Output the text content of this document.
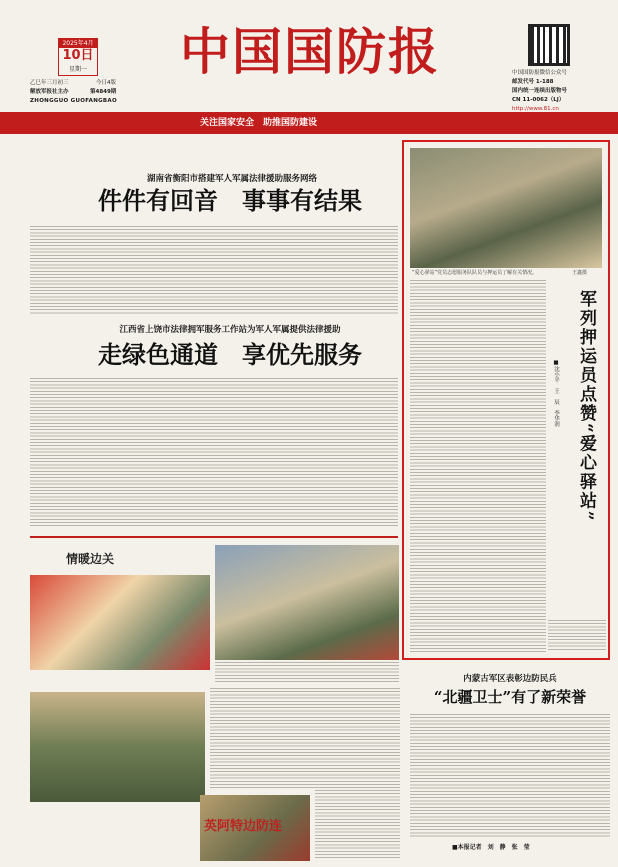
2025年4月
10日
星期一
乙巳年三月初三	今日4版
解放军报社主办	第4849期
ZHONGGUO GUOFANGBAO
中国国防报	中国国防报微信公众号
邮发代号 1-188
国内统一连续出版物号
CN 11-0062（LJ）
http://www.81.cn
关注国家安全　助推国防建设
湖南省衡阳市搭建军人军属法律援助服务网络
件件有回音　事事有结果
江西省上饶市法律拥军服务工作站为军人军属提供法律援助
走绿色通道　享优先服务
情暖边关
英阿特边防连
“爱心驿站”党员志愿服务队队员与押运员了解有关情况。	王鑫摄
军列押运员点赞“爱心驿站”
■沈小平　王　辰　李华润
内蒙古军区表彰边防民兵
“北疆卫士”有了新荣誉
■本报记者　刘　静　张　莹
